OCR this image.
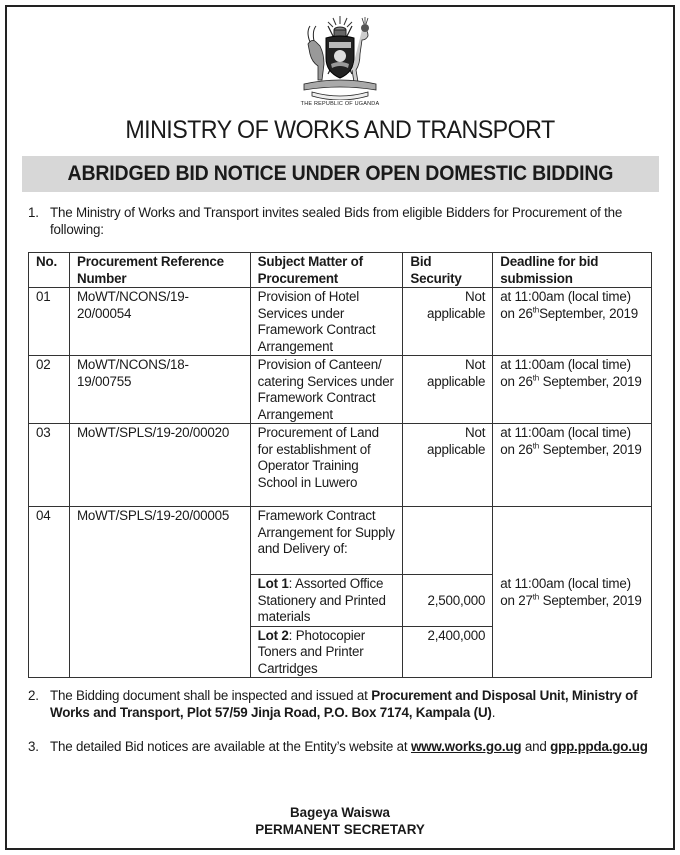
THE REPUBLIC OF UGANDA
MINISTRY OF WORKS AND TRANSPORT
ABRIDGED BID NOTICE UNDER OPEN DOMESTIC BIDDING
1. The Ministry of Works and Transport invites sealed Bids from eligible Bidders for Procurement of the following:
No.	Procurement Reference Number	Subject Matter of Procurement	Bid Security	Deadline for bid submission
01	MoWT/NCONS/19-20/00054	Provision of Hotel Services under Framework Contract Arrangement	Not applicable	at 11:00am (local time) on 26thSeptember, 2019
02	MoWT/NCONS/18-19/00755	Provision of Canteen/ catering Services under Framework Contract Arrangement	Not applicable	at 11:00am (local time) on 26th September, 2019
03	MoWT/SPLS/19-20/00020	Procurement of Land for establishment of Operator Training School in Luwero	Not applicable	at 11:00am (local time) on 26th September, 2019
04	MoWT/SPLS/19-20/00005	Framework Contract Arrangement for Supply and Delivery of:		at 11:00am (local time) on 27th September, 2019
		Lot 1: Assorted Office Stationery and Printed materials	2,500,000	
		Lot 2: Photocopier Toners and Printer Cartridges	2,400,000	
2. The Bidding document shall be inspected and issued at Procurement and Disposal Unit, Ministry of Works and Transport, Plot 57/59 Jinja Road, P.O. Box 7174, Kampala (U).
3. The detailed Bid notices are available at the Entity’s website at www.works.go.ug and gpp.ppda.go.ug
Bageya Waiswa
PERMANENT SECRETARY
